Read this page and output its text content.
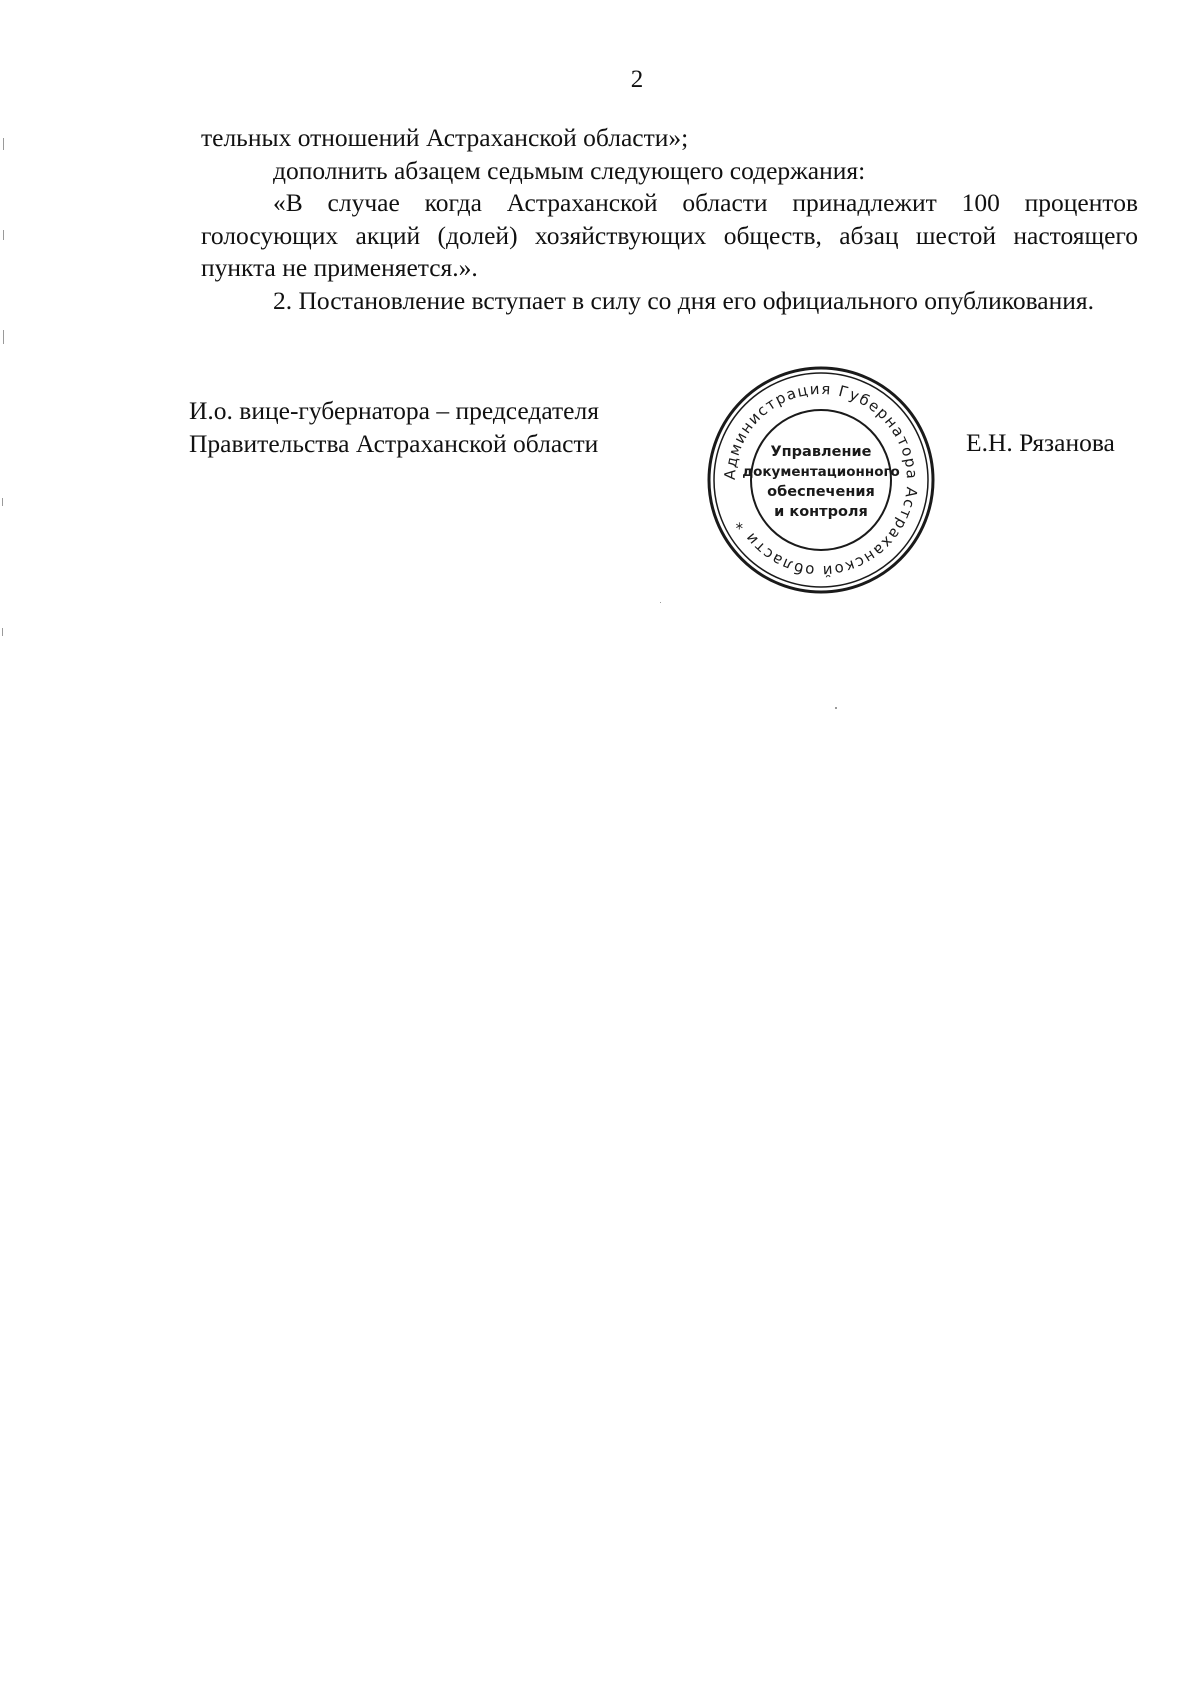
2

тельных отношений Астраханской области»;

дополнить абзацем седьмым следующего содержания:

«В случае когда Астраханской области принадлежит 100 процентов голосующих акций (долей) хозяйствующих обществ, абзац шестой настоящего пункта не применяется.».

2. Постановление вступает в силу со дня его официального опубликования.

И.о. вице-губернатора – председателя
Правительства Астраханской области
Администрация Губернатора Астраханской области *
Управление
документационного
обеспечения
и контроля
Е.Н. Рязанова
